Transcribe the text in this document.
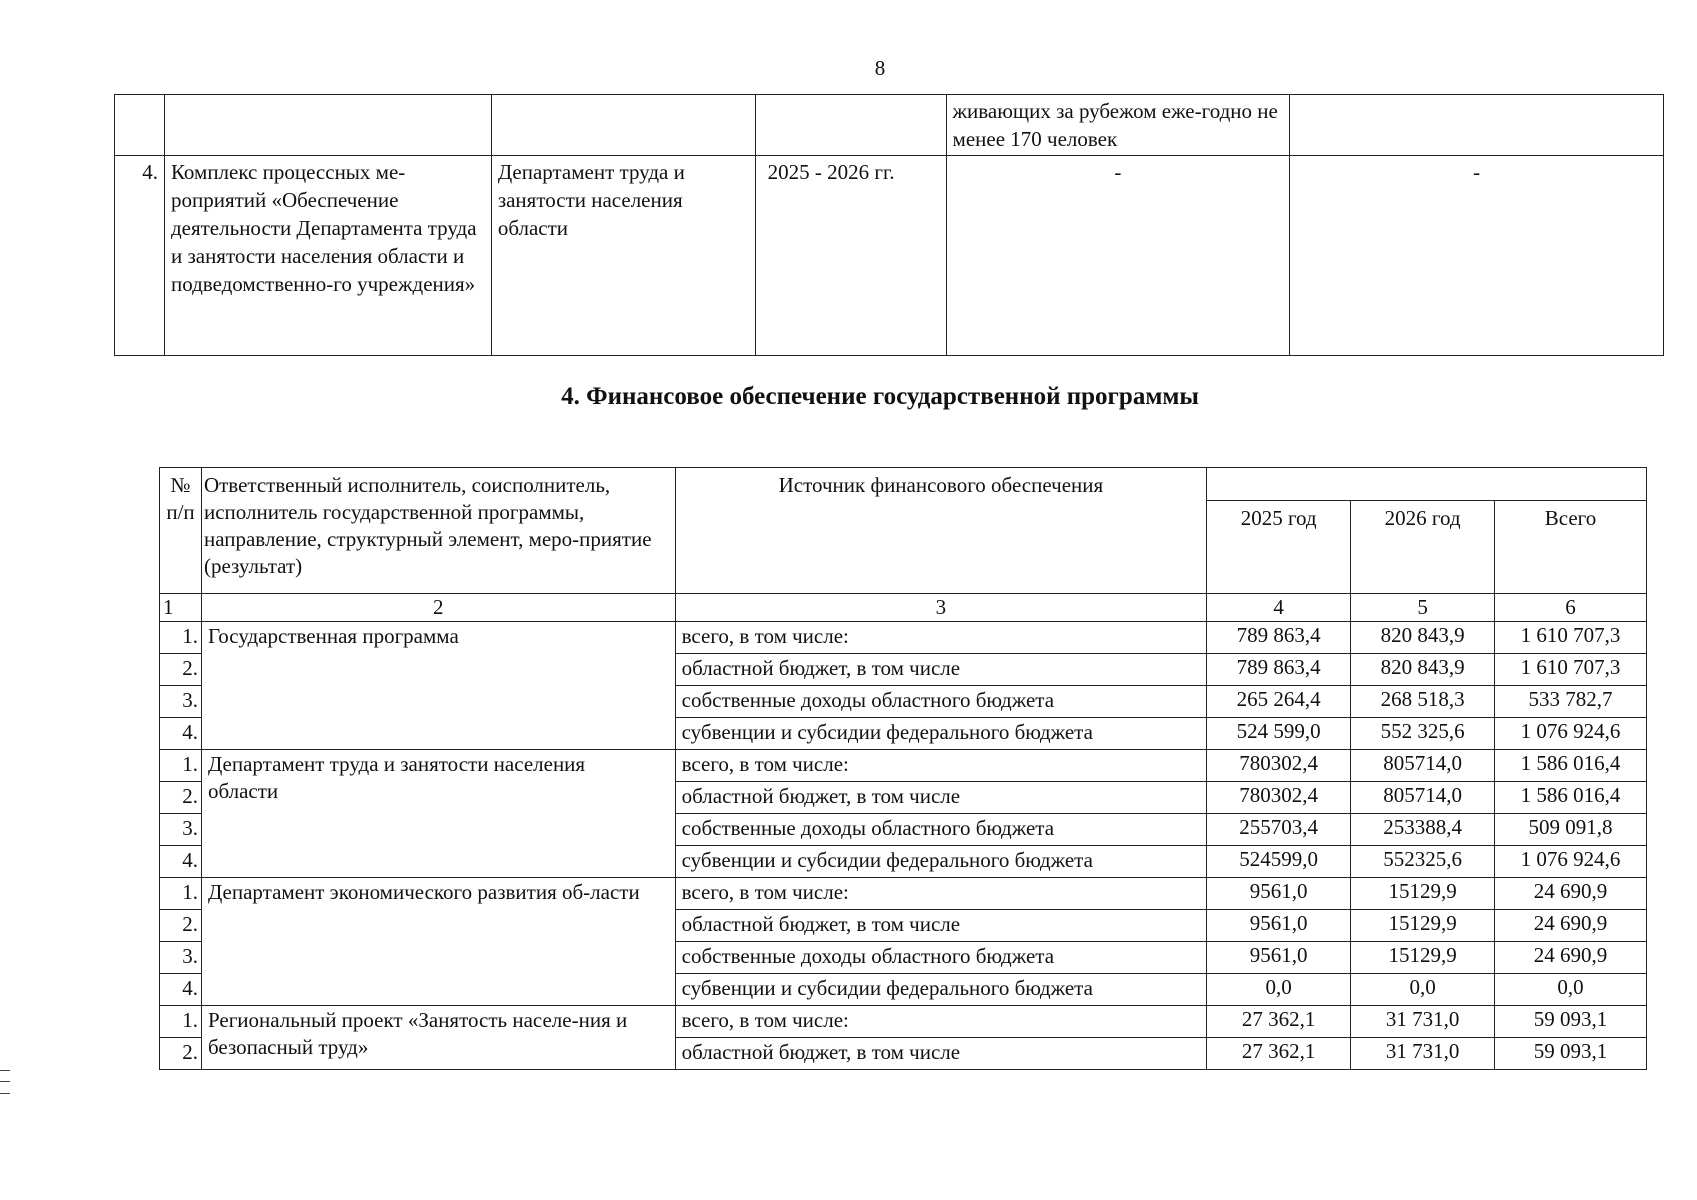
8
				живающих за рубежом еже-годно не менее 170 человек	
4.	Комплекс процессных ме-роприятий «Обеспечение деятельности Департамента труда и занятости населения области и подведомственно-го учреждения»	Департамент труда и занятости населения области	2025 - 2026 гг.	-	-
4. Финансовое обеспечение государственной программы
№ п/п	Ответственный исполнитель, соисполнитель, исполнитель государственной программы, направление, структурный элемент, меро-приятие (результат)	Источник финансового обеспечения			
			2025 год	2026 год	Всего
1	2	3	4	5	6
1.	Государственная программа	всего, в том числе:	789 863,4	820 843,9	1 610 707,3
2.		областной бюджет, в том числе	789 863,4	820 843,9	1 610 707,3
3.		собственные доходы областного бюджета	265 264,4	268 518,3	533 782,7
4.		субвенции и субсидии федерального бюджета	524 599,0	552 325,6	1 076 924,6
1.	Департамент труда и занятости населения области	всего, в том числе:	780302,4	805714,0	1 586 016,4
2.		областной бюджет, в том числе	780302,4	805714,0	1 586 016,4
3.		собственные доходы областного бюджета	255703,4	253388,4	509 091,8
4.		субвенции и субсидии федерального бюджета	524599,0	552325,6	1 076 924,6
1.	Департамент экономического развития об-ласти	всего, в том числе:	9561,0	15129,9	24 690,9
2.		областной бюджет, в том числе	9561,0	15129,9	24 690,9
3.		собственные доходы областного бюджета	9561,0	15129,9	24 690,9
4.		субвенции и субсидии федерального бюджета	0,0	0,0	0,0
1.	Региональный проект «Занятость населе-ния и безопасный труд»	всего, в том числе:	27 362,1	31 731,0	59 093,1
2.		областной бюджет, в том числе	27 362,1	31 731,0	59 093,1
